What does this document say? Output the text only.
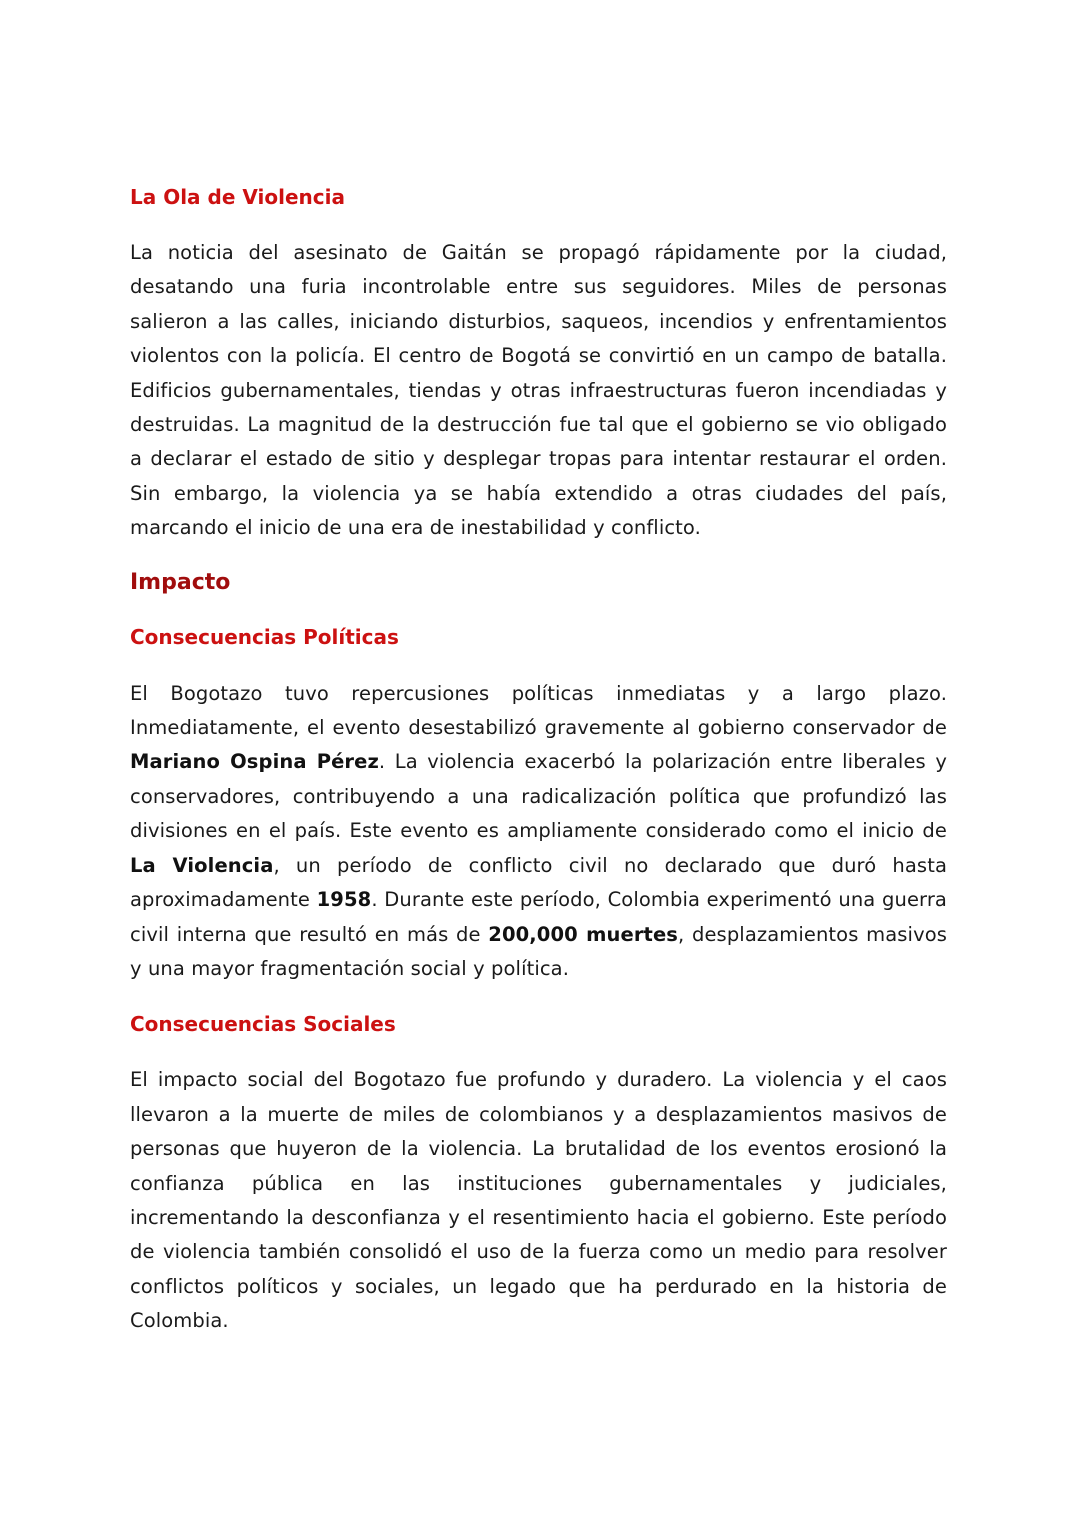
La Ola de Violencia

La noticia del asesinato de Gaitán se propagó rápidamente por la ciudad, desatando una furia incontrolable entre sus seguidores. Miles de personas salieron a las calles, iniciando disturbios, saqueos, incendios y enfrentamientos violentos con la policía. El centro de Bogotá se convirtió en un campo de batalla. Edificios gubernamentales, tiendas y otras infraestructuras fueron incendiadas y destruidas. La magnitud de la destrucción fue tal que el gobierno se vio obligado a declarar el estado de sitio y desplegar tropas para intentar restaurar el orden. Sin embargo, la violencia ya se había extendido a otras ciudades del país, marcando el inicio de una era de inestabilidad y conflicto.

Impacto
Consecuencias Políticas

El Bogotazo tuvo repercusiones políticas inmediatas y a largo plazo. Inmediatamente, el evento desestabilizó gravemente al gobierno conservador de Mariano Ospina Pérez. La violencia exacerbó la polarización entre liberales y conservadores, contribuyendo a una radicalización política que profundizó las divisiones en el país. Este evento es ampliamente considerado como el inicio de La Violencia, un período de conflicto civil no declarado que duró hasta aproximadamente 1958. Durante este período, Colombia experimentó una guerra civil interna que resultó en más de 200,000 muertes, desplazamientos masivos y una mayor fragmentación social y política.

Consecuencias Sociales

El impacto social del Bogotazo fue profundo y duradero. La violencia y el caos llevaron a la muerte de miles de colombianos y a desplazamientos masivos de personas que huyeron de la violencia. La brutalidad de los eventos erosionó la confianza pública en las instituciones gubernamentales y judiciales, incrementando la desconfianza y el resentimiento hacia el gobierno. Este período de violencia también consolidó el uso de la fuerza como un medio para resolver conflictos políticos y sociales, un legado que ha perdurado en la historia de Colombia.
